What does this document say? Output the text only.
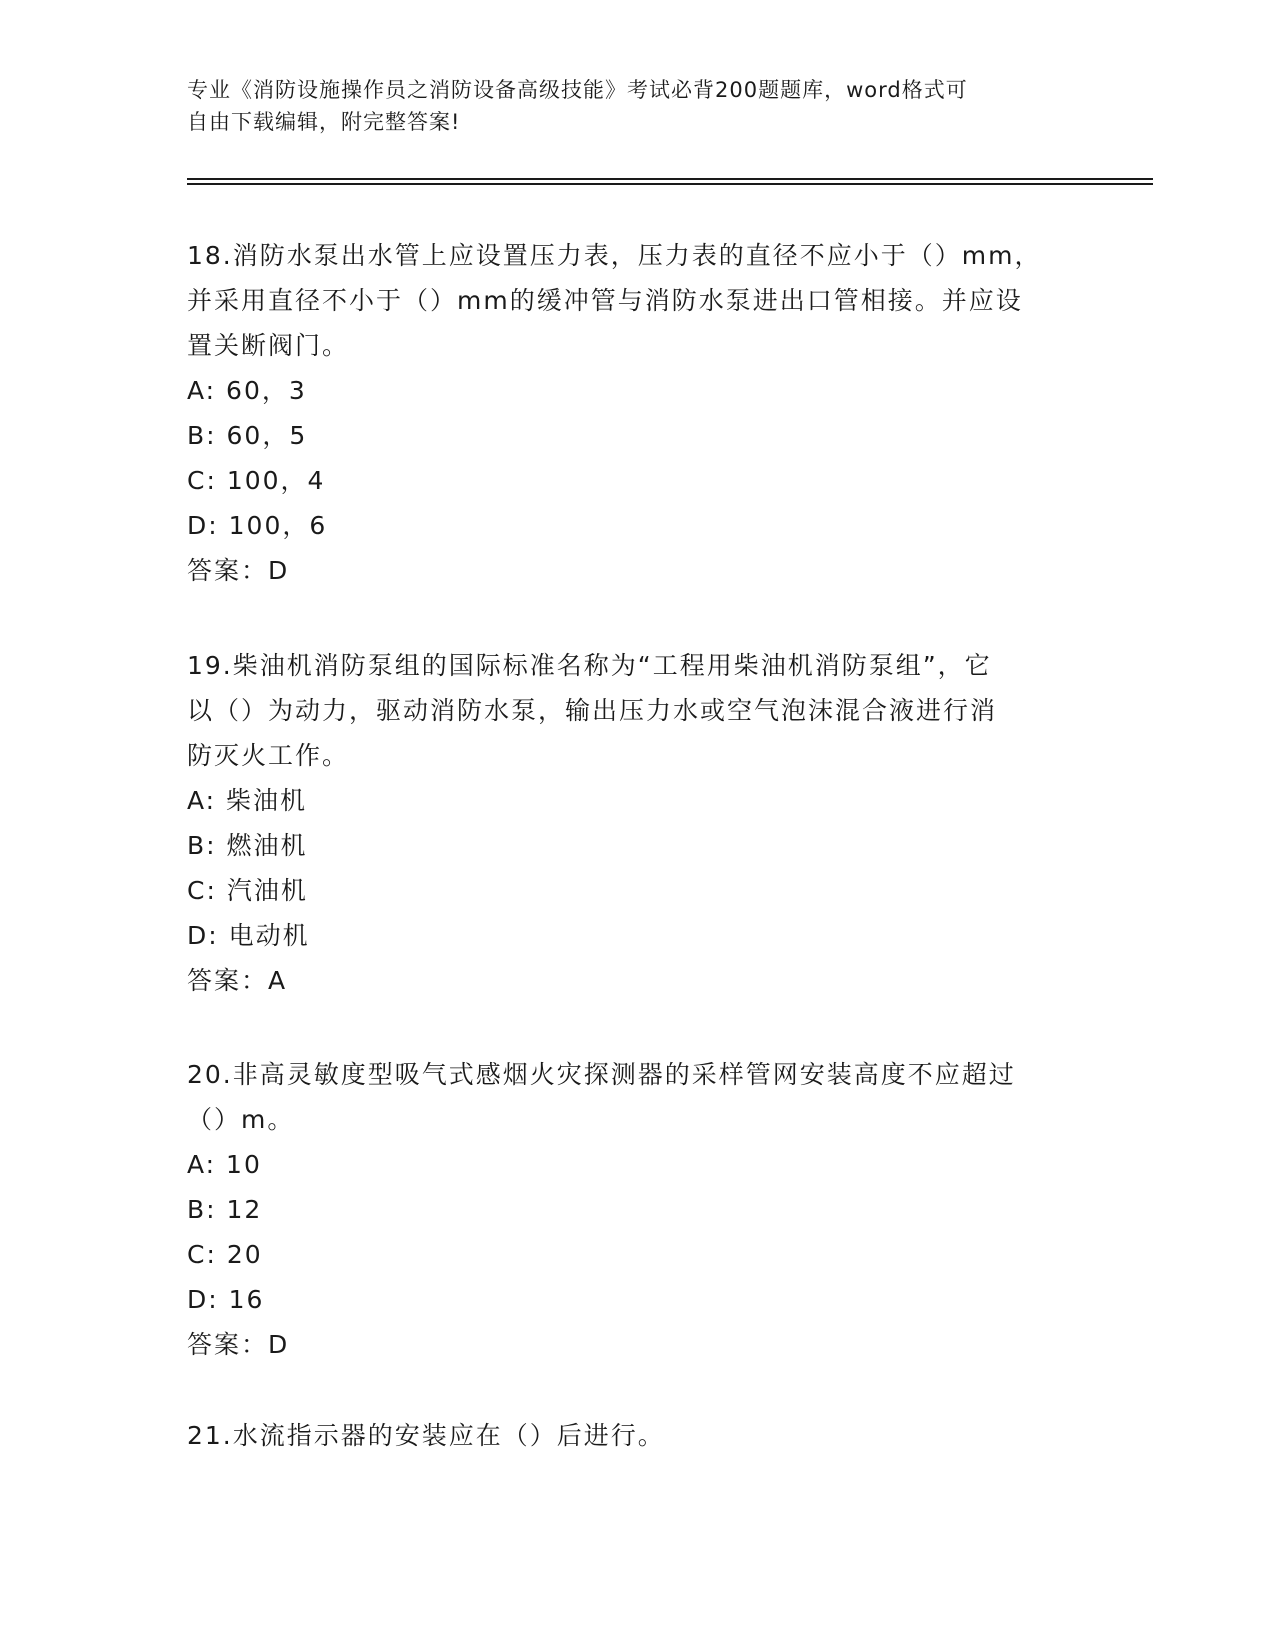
专业《消防设施操作员之消防设备高级技能》考试必背200题题库，word格式可
自由下载编辑，附完整答案!

18.消防水泵出水管上应设置压力表，压力表的直径不应小于（）mm，

并采用直径不小于（）mm的缓冲管与消防水泵进出口管相接。并应设

置关断阀门。

A: 60，3

B: 60，5

C: 100，4

D: 100，6

答案：D

19.柴油机消防泵组的国际标准名称为“工程用柴油机消防泵组”，它

以（）为动力，驱动消防水泵，输出压力水或空气泡沫混合液进行消

防灭火工作。

A: 柴油机

B: 燃油机

C: 汽油机

D: 电动机

答案：A

20.非高灵敏度型吸气式感烟火灾探测器的采样管网安装高度不应超过

（）m。

A: 10

B: 12

C: 20

D: 16

答案：D

21.水流指示器的安装应在（）后进行。
